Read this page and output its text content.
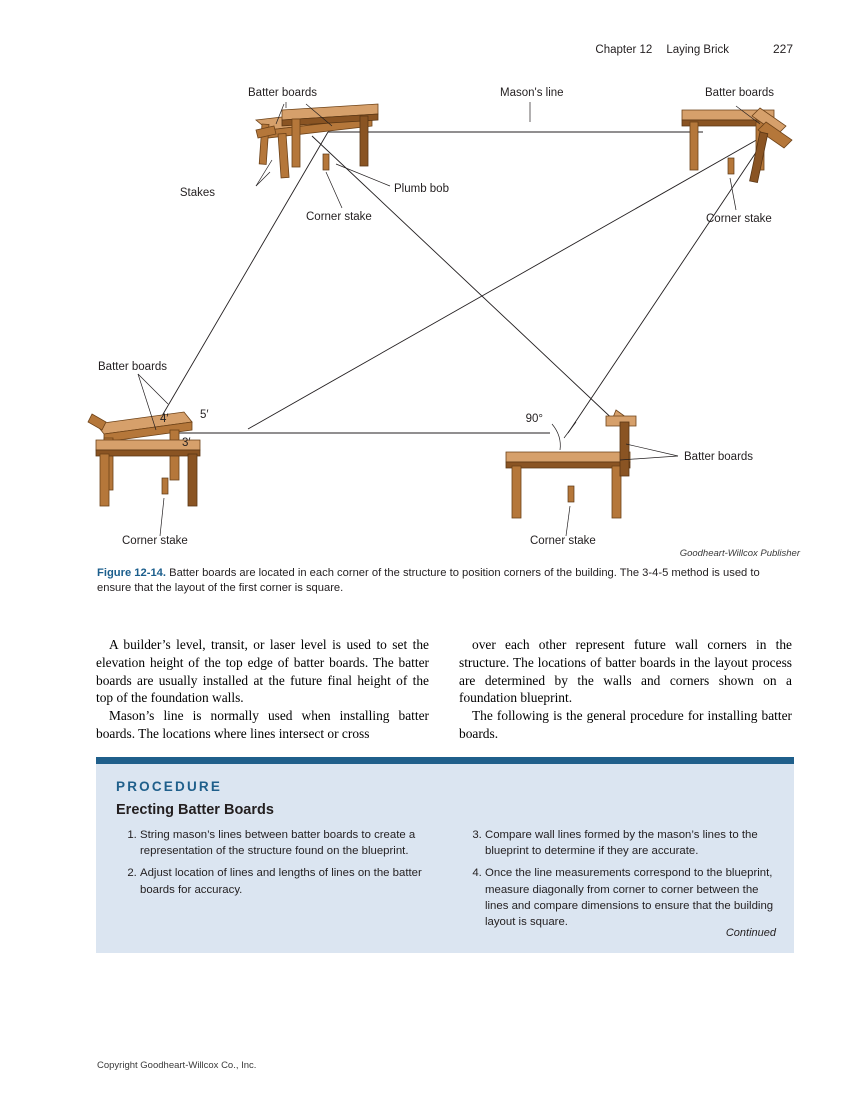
Chapter 12 Laying Brick	227
Batter boards	Mason's line	Batter boards
Stakes	Plumb bob
Corner stake	Corner stake
Batter boards
Batter boards
Corner stake	Corner stake
4′	5′
3′
90°
Goodheart-Willcox Publisher
Figure 12-14. Batter boards are located in each corner of the structure to position corners of the building. The 3-4-5 method is used to ensure that the layout of the first corner is square.

A builder’s level, transit, or laser level is used to set the elevation height of the top edge of batter boards. The batter boards are usually installed at the future final height of the top of the foundation walls.

Mason’s line is normally used when installing batter boards. The locations where lines intersect or cross

over each other represent future wall corners in the structure. The locations of batter boards in the layout process are determined by the walls and corners shown on a foundation blueprint.

The following is the general procedure for installing batter boards.

PROCEDURE
Erecting Batter Boards
1. String mason’s lines between batter boards to create a representation of the structure found on the blueprint.
2. Adjust location of lines and lengths of lines on the batter boards for accuracy.
3. Compare wall lines formed by the mason’s lines to the blueprint to determine if they are accurate.
4. Once the line measurements correspond to the blueprint, measure diagonally from corner to corner between the lines and compare dimensions to ensure that the building layout is square.
Continued
Copyright Goodheart-Willcox Co., Inc.
